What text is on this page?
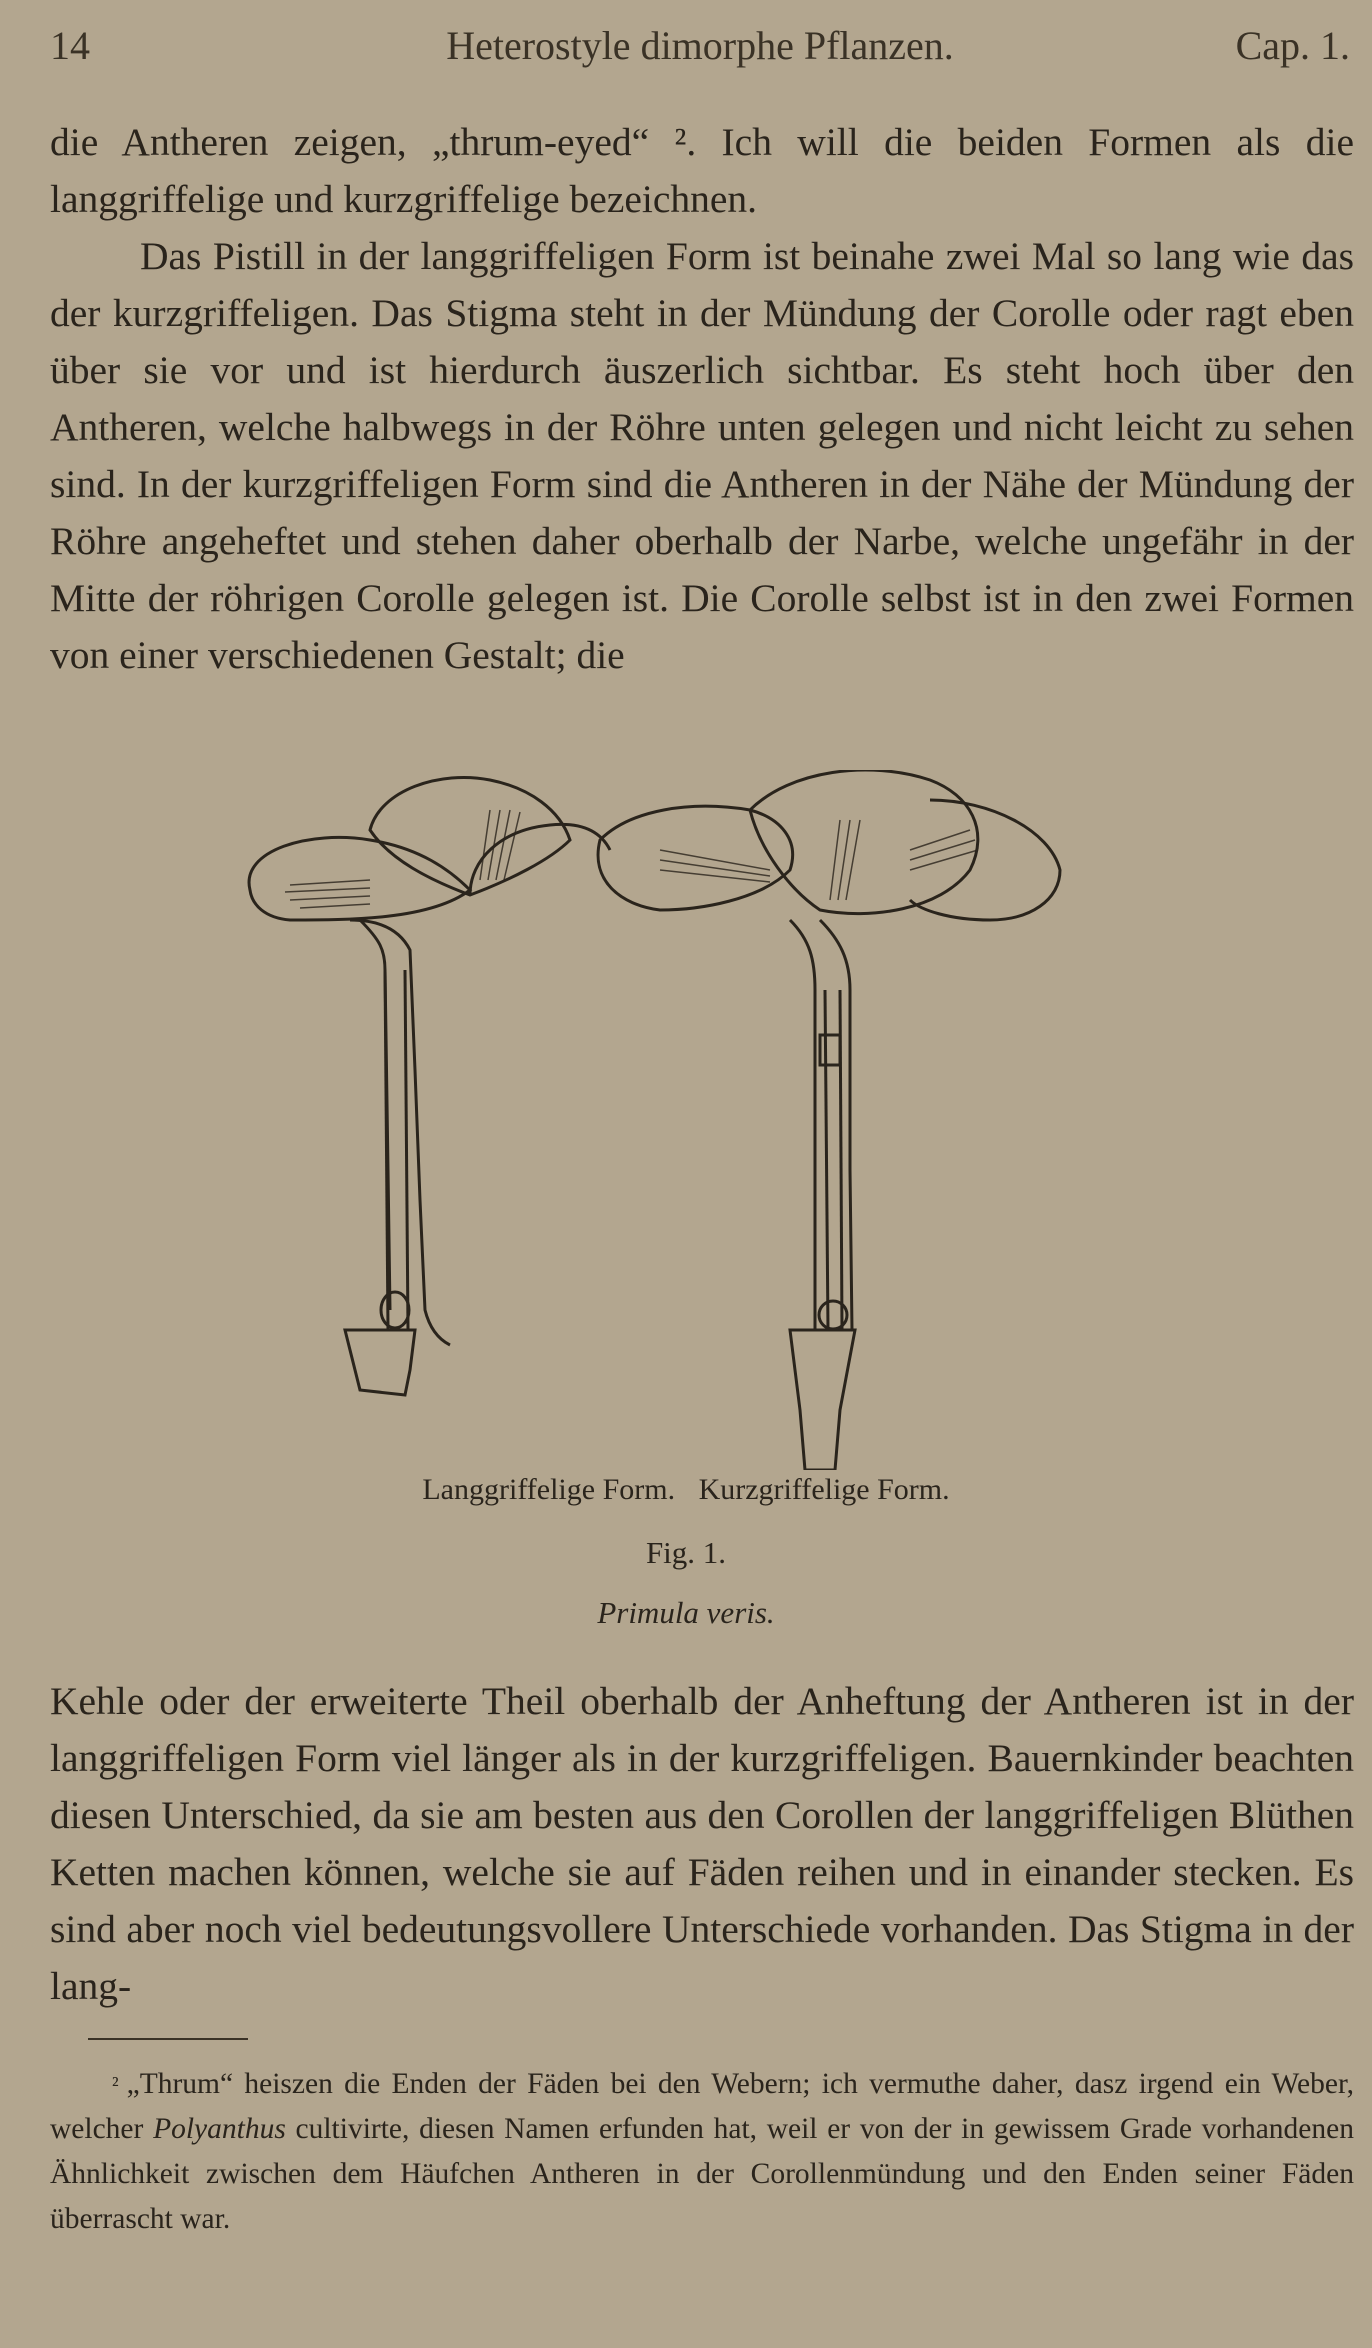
14	Heterostyle dimorphe Pflanzen.	Cap. 1.

die Antheren zeigen, „thrum-eyed“ ². Ich will die beiden Formen als die langgriffelige und kurzgriffelige bezeichnen.

Das Pistill in der langgriffeligen Form ist beinahe zwei Mal so lang wie das der kurzgriffeligen. Das Stigma steht in der Mündung der Corolle oder ragt eben über sie vor und ist hierdurch äuszerlich sichtbar. Es steht hoch über den Antheren, welche halbwegs in der Röhre unten gelegen und nicht leicht zu sehen sind. In der kurzgriffeligen Form sind die Antheren in der Nähe der Mündung der Röhre angeheftet und stehen daher oberhalb der Narbe, welche ungefähr in der Mitte der röhrigen Corolle gelegen ist. Die Corolle selbst ist in den zwei Formen von einer verschiedenen Gestalt; die

Langgriffelige Form. Kurzgriffelige Form.
Fig. 1.
Primula veris.

Kehle oder der erweiterte Theil oberhalb der Anheftung der Antheren ist in der langgriffeligen Form viel länger als in der kurzgriffeligen. Bauernkinder beachten diesen Unterschied, da sie am besten aus den Corollen der langgriffeligen Blüthen Ketten machen können, welche sie auf Fäden reihen und in einander stecken. Es sind aber noch viel bedeutungsvollere Unterschiede vorhanden. Das Stigma in der lang-

$^{^2}$ „Thrum“ heiszen die Enden der Fäden bei den Webern; ich vermuthe daher, dasz irgend ein Weber, welcher Polyanthus cultivirte, diesen Namen erfunden hat, weil er von der in gewissem Grade vorhandenen Ähnlichkeit zwischen dem Häufchen Antheren in der Corollenmündung und den Enden seiner Fäden überrascht war.
